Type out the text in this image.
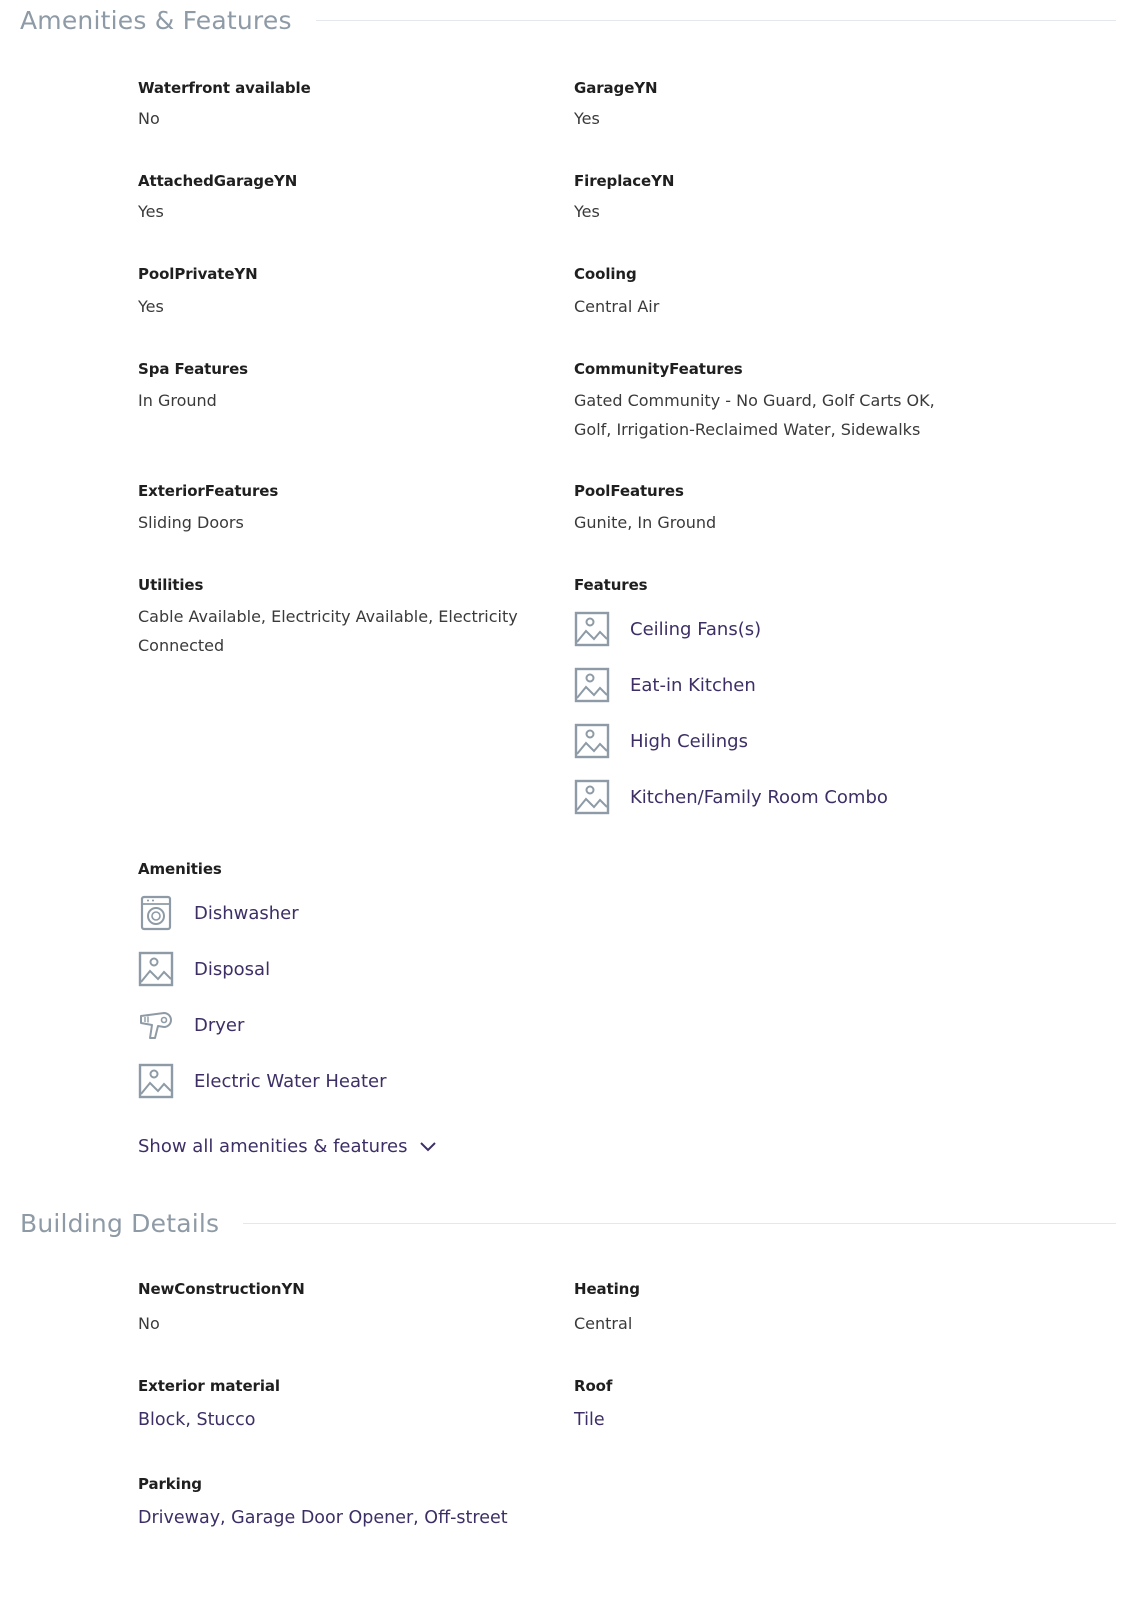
Amenities & Features
Waterfront available
No
GarageYN
Yes
AttachedGarageYN
Yes
FireplaceYN
Yes
PoolPrivateYN
Yes
Cooling
Central Air
Spa Features
In Ground
CommunityFeatures
Gated Community - No Guard, Golf Carts OK, Golf, Irrigation-Reclaimed Water, Sidewalks
ExteriorFeatures
Sliding Doors
PoolFeatures
Gunite, In Ground
Utilities
Cable Available, Electricity Available, Electricity Connected
Features
Ceiling Fans(s)
Eat-in Kitchen
High Ceilings
Kitchen/Family Room Combo
Amenities
Dishwasher
Disposal
Dryer
Electric Water Heater
Show all amenities & features
Building Details
NewConstructionYN
No
Heating
Central
Exterior material
Block, Stucco
Roof
Tile
Parking
Driveway, Garage Door Opener, Off-street
